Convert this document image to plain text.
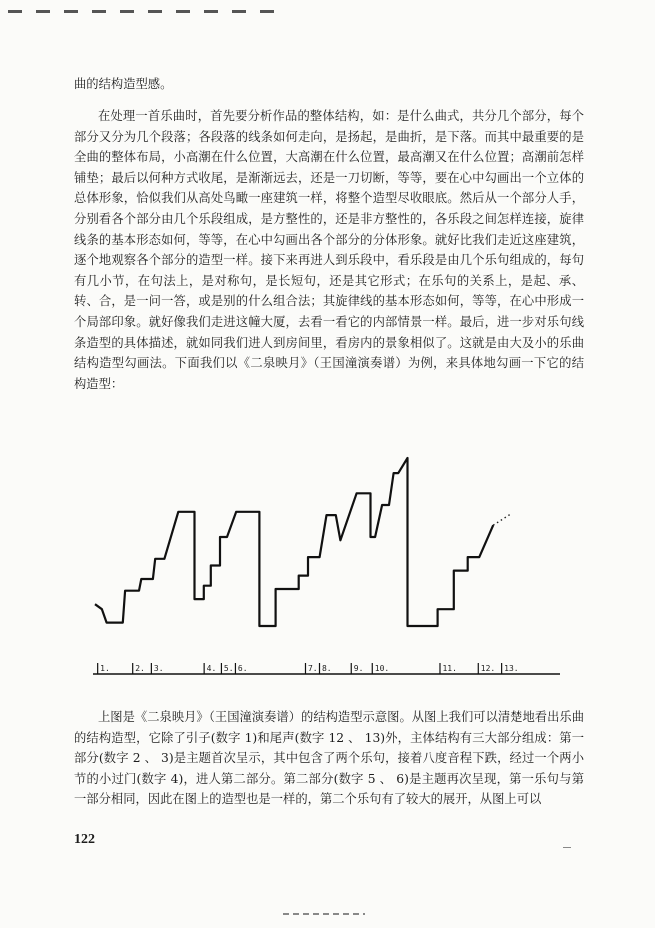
曲的结构造型感。

在处理一首乐曲时，首先要分析作品的整体结构，如：是什么曲式，共分几个部分，每个部分又分为几个段落；各段落的线条如何走向，是扬起，是曲折，是下落。而其中最重要的是全曲的整体布局，小高潮在什么位置，大高潮在什么位置，最高潮又在什么位置；高潮前怎样铺垫；最后以何种方式收尾，是渐渐远去，还是一刀切断，等等，要在心中勾画出一个立体的总体形象，恰似我们从高处鸟瞰一座建筑一样，将整个造型尽收眼底。然后从一个部分人手，分别看各个部分由几个乐段组成，是方整性的，还是非方整性的，各乐段之间怎样连接，旋律线条的基本形态如何，等等，在心中勾画出各个部分的分体形象。就好比我们走近这座建筑，逐个地观察各个部分的造型一样。接下来再进人到乐段中，看乐段是由几个乐句组成的，每句有几小节，在句法上，是对称句，是长短句，还是其它形式；在乐句的关系上，是起、承、转、合，是一问一答，或是别的什么组合法；其旋律线的基本形态如何，等等，在心中形成一个局部印象。就好像我们走进这幢大厦，去看一看它的内部情景一样。最后，进一步对乐句线条造型的具体描述，就如同我们进人到房间里，看房内的景象相似了。这就是由大及小的乐曲结构造型勾画法。下面我们以《二泉映月》（王国潼演奏谱）为例，来具体地勾画一下它的结构造型：

1.	2. 3.	4. 5. 6.	7. 8.	9. 10.	11.	12. 13.

上图是《二泉映月》（王国潼演奏谱）的结构造型示意图。从图上我们可以清楚地看出乐曲的结构造型，它除了引子(数字 1)和尾声(数字 12 、 13)外，主体结构有三大部分组成：第一部分(数字 2 、 3)是主题首次呈示，其中包含了两个乐句，接着八度音程下跌，经过一个两小节的小过门(数字 4)，进人第二部分。第二部分(数字 5 、 6)是主题再次呈现，第一乐句与第一部分相同，因此在图上的造型也是一样的，第二个乐句有了较大的展开，从图上可以

122
